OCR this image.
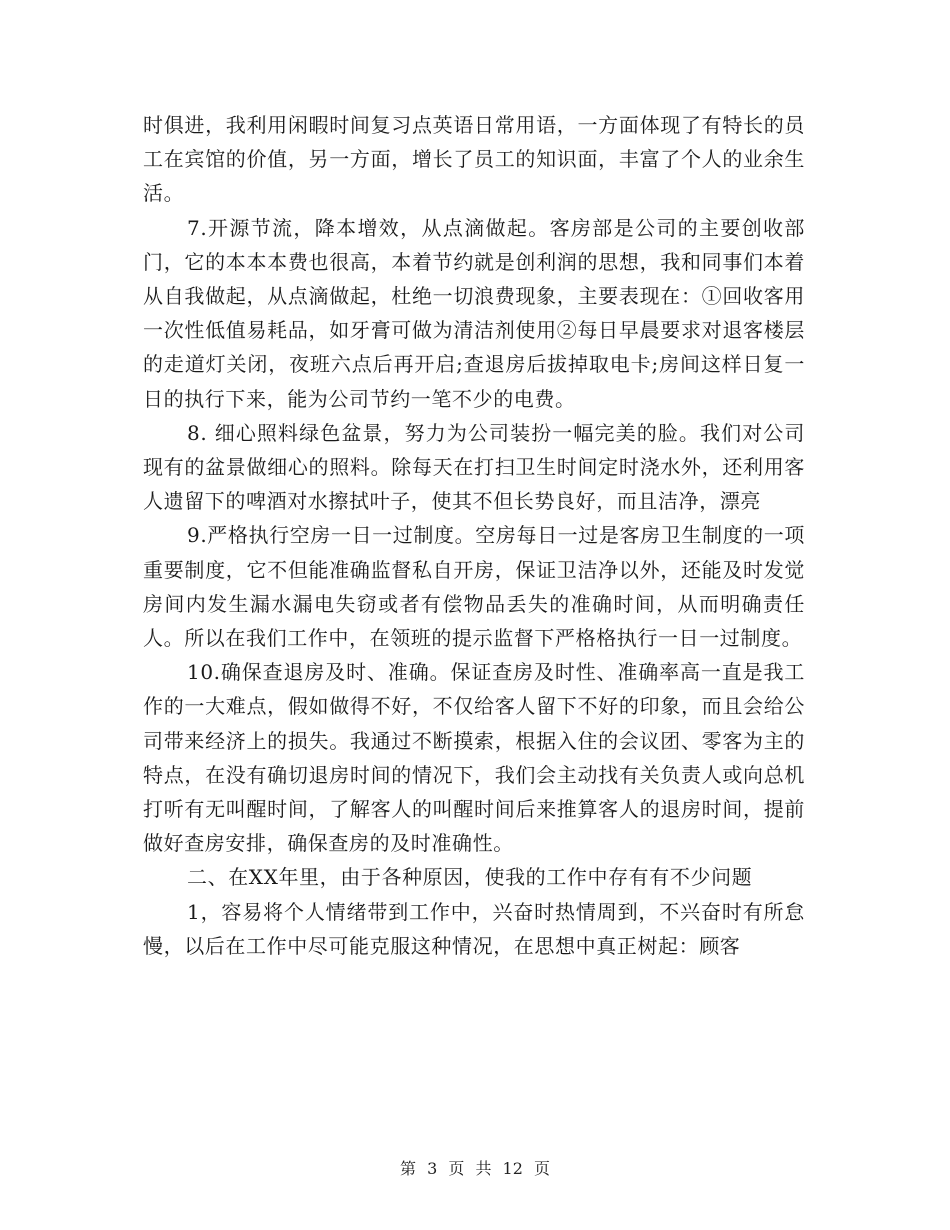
时俱进，我利用闲暇时间复习点英语日常用语，一方面体现了有特长的员工在宾馆的价值，另一方面，增长了员工的知识面，丰富了个人的业余生活。

7.开源节流，降本增效，从点滴做起。客房部是公司的主要创收部门，它的本本本费也很高，本着节约就是创利润的思想，我和同事们本着从自我做起，从点滴做起，杜绝一切浪费现象，主要表现在：①回收客用一次性低值易耗品，如牙膏可做为清洁剂使用②每日早晨要求对退客楼层的走道灯关闭，夜班六点后再开启;查退房后拔掉取电卡;房间这样日复一日的执行下来，能为公司节约一笔不少的电费。

8. 细心照料绿色盆景，努力为公司装扮一幅完美的脸。我们对公司现有的盆景做细心的照料。除每天在打扫卫生时间定时浇水外，还利用客人遗留下的啤酒对水擦拭叶子，使其不但长势良好，而且洁净，漂亮

9.严格执行空房一日一过制度。空房每日一过是客房卫生制度的一项重要制度，它不但能准确监督私自开房，保证卫洁净以外，还能及时发觉房间内发生漏水漏电失窃或者有偿物品丢失的准确时间，从而明确责任人。所以在我们工作中，在领班的提示监督下严格格执行一日一过制度。

10.确保查退房及时、准确。保证查房及时性、准确率高一直是我工作的一大难点，假如做得不好，不仅给客人留下不好的印象，而且会给公司带来经济上的损失。我通过不断摸索，根据入住的会议团、零客为主的特点，在没有确切退房时间的情况下，我们会主动找有关负责人或向总机打听有无叫醒时间，了解客人的叫醒时间后来推算客人的退房时间，提前做好查房安排，确保查房的及时准确性。

二、在XX年里，由于各种原因，使我的工作中存有有不少问题

1，容易将个人情绪带到工作中，兴奋时热情周到，不兴奋时有所怠慢，以后在工作中尽可能克服这种情况，在思想中真正树起：顾客

第 3 页 共 12 页
